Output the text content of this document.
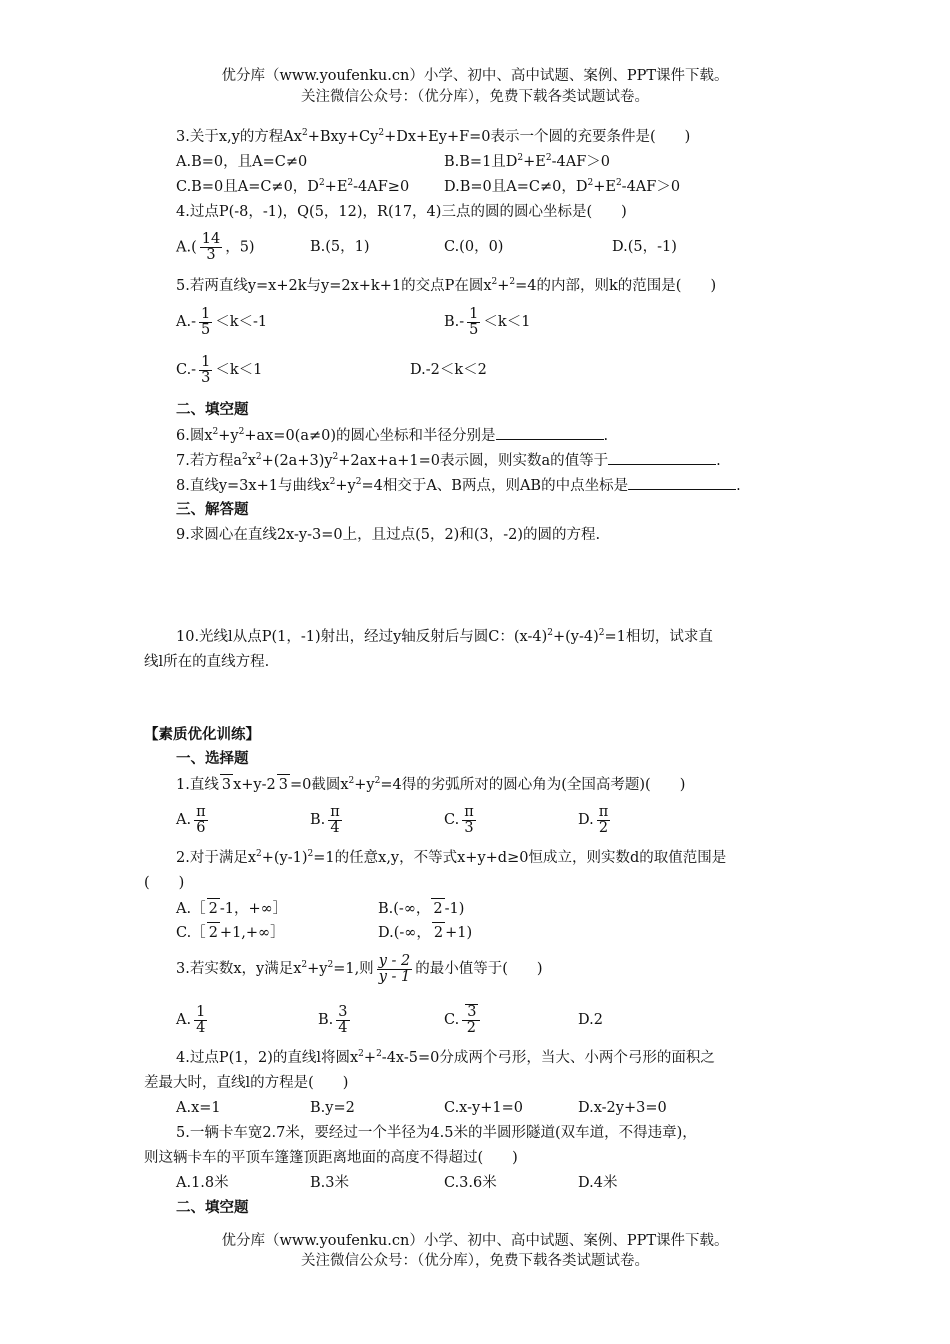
优分库（www.youfenku.cn）小学、初中、高中试题、案例、PPT课件下载。
关注微信公众号：（优分库），免费下载各类试题试卷。
3.关于x,y的方程$Ax^2+Bxy+Cy^2+Dx+Ey+F=0$表示一个圆的充要条件是(　　)
A.B=0，且A=C≠0	B.B=1且$D^2+E^2-4AF>0$
C.B=0且A=C≠0，$D^2+E^2-4AF\ge 0$ D.B=0且A=C≠0，$D^2+E^2-4AF>0$
4.过点P(-8，-1)，Q(5，12)，R(17，4)三点的圆的圆心坐标是(　　)
$A.( \frac{14}{3}$ ，5)	B.(5，1)	C.(0，0)	D.(5，-1)
5.若两直线y=x+2k与y=2x+k+1的交点P在圆$x^2+^2=4$的内部，则k的范围是(　　)
$A.- \frac{1}{5} <k<-1$	$B.- \frac{1}{5} <k<1$
$C.- \frac{1}{3} <k<1$	D.-2＜k＜2
二、填空题
6.圆$x^2+y^2+ax=0(a\ne 0)$的圆心坐标和半径分别是	.
7.若方程$a^2x^2+(2a+3)y^2+2ax+a+1=0$表示圆，则实数a的值等于	.
8.直线y=3x+1与曲线$x^2+y^2=4$相交于A、B两点，则AB的中点坐标是	.
三、解答题
9.求圆心在直线2x-y-3=0上，且过点(5，2)和(3，-2)的圆的方程.
10.光线l从点P(1，-1)射出，经过y轴反射后与圆C：$(x-4)^2+(y-4)^2=1$相切，试求直
线l所在的直线方程.
【素质优化训练】
一、选择题
1.直线 3 x+y-2 3 =0截圆$x^2+y^2=4$得的劣弧所对的圆心角为(全国高考题)(　　)
A. $\frac{\pi}{6}$	B. $\frac{\pi}{4}$	C. $\frac{\pi}{3}$	D. $\frac{\pi}{2}$
2.对于满足$x^2+(y-1)^2=1$的任意x,y，不等式x+y+d≥0恒成立，则实数d的取值范围是
(　　)
A.［ 2 -1，+∞］	B.(-∞， 2 -1)
C.［ 2 +1,+∞］	D.(-∞， 2 +1)
3.若实数x，y满足$x^2+y^2=1$,则 $\frac{y - 2}{y - 1}$ 的最小值等于(　　)
A. $\frac{1}{4}$	B. $\frac{3}{4}$	C. $\frac{3}{2}$	D.2
4.过点P(1，2)的直线l将圆$x^2+^2-4x-5=0$分成两个弓形，当大、小两个弓形的面积之
差最大时，直线l的方程是(　　)
A.x=1	B.y=2	C.x-y+1=0	D.x-2y+3=0
5.一辆卡车宽2.7米，要经过一个半径为4.5米的半圆形隧道(双车道，不得违章)，
则这辆卡车的平顶车篷篷顶距离地面的高度不得超过(　　)
A.1.8米	B.3米	C.3.6米	D.4米
二、填空题
优分库（www.youfenku.cn）小学、初中、高中试题、案例、PPT课件下载。
关注微信公众号：（优分库），免费下载各类试题试卷。
